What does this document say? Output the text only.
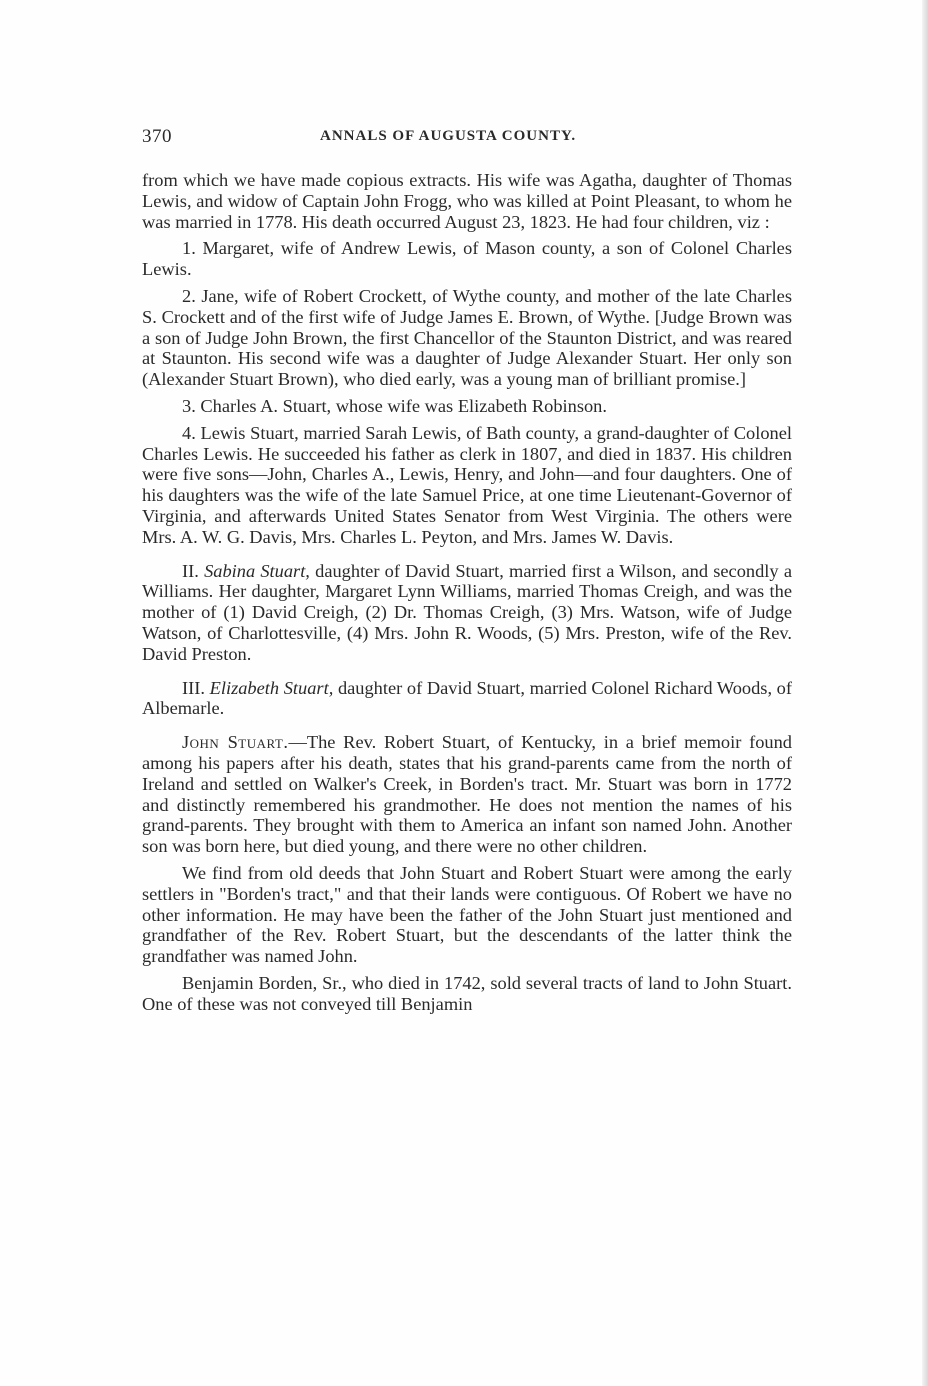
370	ANNALS OF AUGUSTA COUNTY.

from which we have made copious extracts. His wife was Agatha, daughter of Thomas Lewis, and widow of Captain John Frogg, who was killed at Point Pleasant, to whom he was married in 1778. His death occurred August 23, 1823. He had four children, viz :

1. Margaret, wife of Andrew Lewis, of Mason county, a son of Colonel Charles Lewis.

2. Jane, wife of Robert Crockett, of Wythe county, and mother of the late Charles S. Crockett and of the first wife of Judge James E. Brown, of Wythe. [Judge Brown was a son of Judge John Brown, the first Chancellor of the Staunton District, and was reared at Staunton. His second wife was a daughter of Judge Alexander Stuart. Her only son (Alexander Stuart Brown), who died early, was a young man of brilliant promise.]

3. Charles A. Stuart, whose wife was Elizabeth Robinson.

4. Lewis Stuart, married Sarah Lewis, of Bath county, a grand-daughter of Colonel Charles Lewis. He succeeded his father as clerk in 1807, and died in 1837. His children were five sons—John, Charles A., Lewis, Henry, and John—and four daughters. One of his daughters was the wife of the late Samuel Price, at one time Lieutenant-Governor of Virginia, and afterwards United States Senator from West Virginia. The others were Mrs. A. W. G. Davis, Mrs. Charles L. Peyton, and Mrs. James W. Davis.

II. Sabina Stuart, daughter of David Stuart, married first a Wilson, and secondly a Williams. Her daughter, Margaret Lynn Williams, married Thomas Creigh, and was the mother of (1) David Creigh, (2) Dr. Thomas Creigh, (3) Mrs. Watson, wife of Judge Watson, of Charlottesville, (4) Mrs. John R. Woods, (5) Mrs. Preston, wife of the Rev. David Preston.

III. Elizabeth Stuart, daughter of David Stuart, married Colonel Richard Woods, of Albemarle.

John Stuart.—The Rev. Robert Stuart, of Kentucky, in a brief memoir found among his papers after his death, states that his grand-parents came from the north of Ireland and settled on Walker's Creek, in Borden's tract. Mr. Stuart was born in 1772 and distinctly remembered his grandmother. He does not mention the names of his grand-parents. They brought with them to America an infant son named John. Another son was born here, but died young, and there were no other children.

We find from old deeds that John Stuart and Robert Stuart were among the early settlers in "Borden's tract," and that their lands were contiguous. Of Robert we have no other information. He may have been the father of the John Stuart just mentioned and grandfather of the Rev. Robert Stuart, but the descendants of the latter think the grandfather was named John.

Benjamin Borden, Sr., who died in 1742, sold several tracts of land to John Stuart. One of these was not conveyed till Benjamin
